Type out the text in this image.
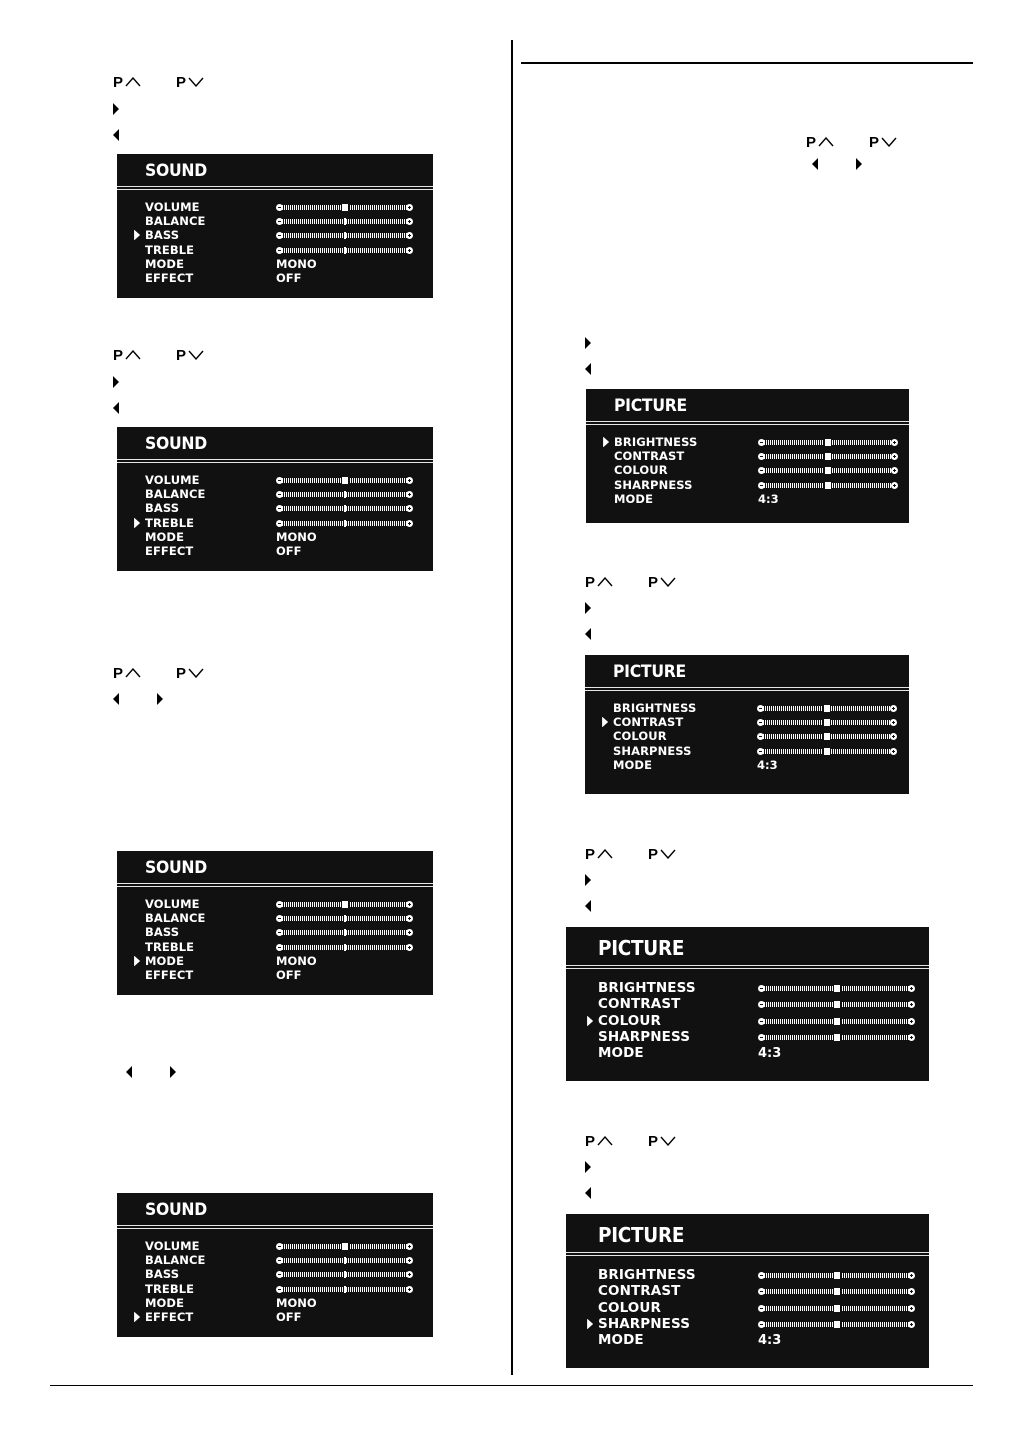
P	P
SOUND
VOLUME
BALANCE
BASS
TREBLE
MODE	MONO
EFFECT	OFF
P	P
SOUND
VOLUME
BALANCE
BASS
TREBLE
MODE	MONO
EFFECT	OFF
P	P
SOUND
VOLUME
BALANCE
BASS
TREBLE
MODE	MONO
EFFECT	OFF
SOUND
VOLUME
BALANCE
BASS
TREBLE
MODE	MONO
EFFECT	OFF
P	P
PICTURE
BRIGHTNESS
CONTRAST
COLOUR
SHARPNESS
MODE	4:3
P	P
PICTURE
BRIGHTNESS
CONTRAST
COLOUR
SHARPNESS
MODE	4:3
P	P
PICTURE
BRIGHTNESS
CONTRAST
COLOUR
SHARPNESS
MODE	4:3
P	P
PICTURE
BRIGHTNESS
CONTRAST
COLOUR
SHARPNESS
MODE	4:3
